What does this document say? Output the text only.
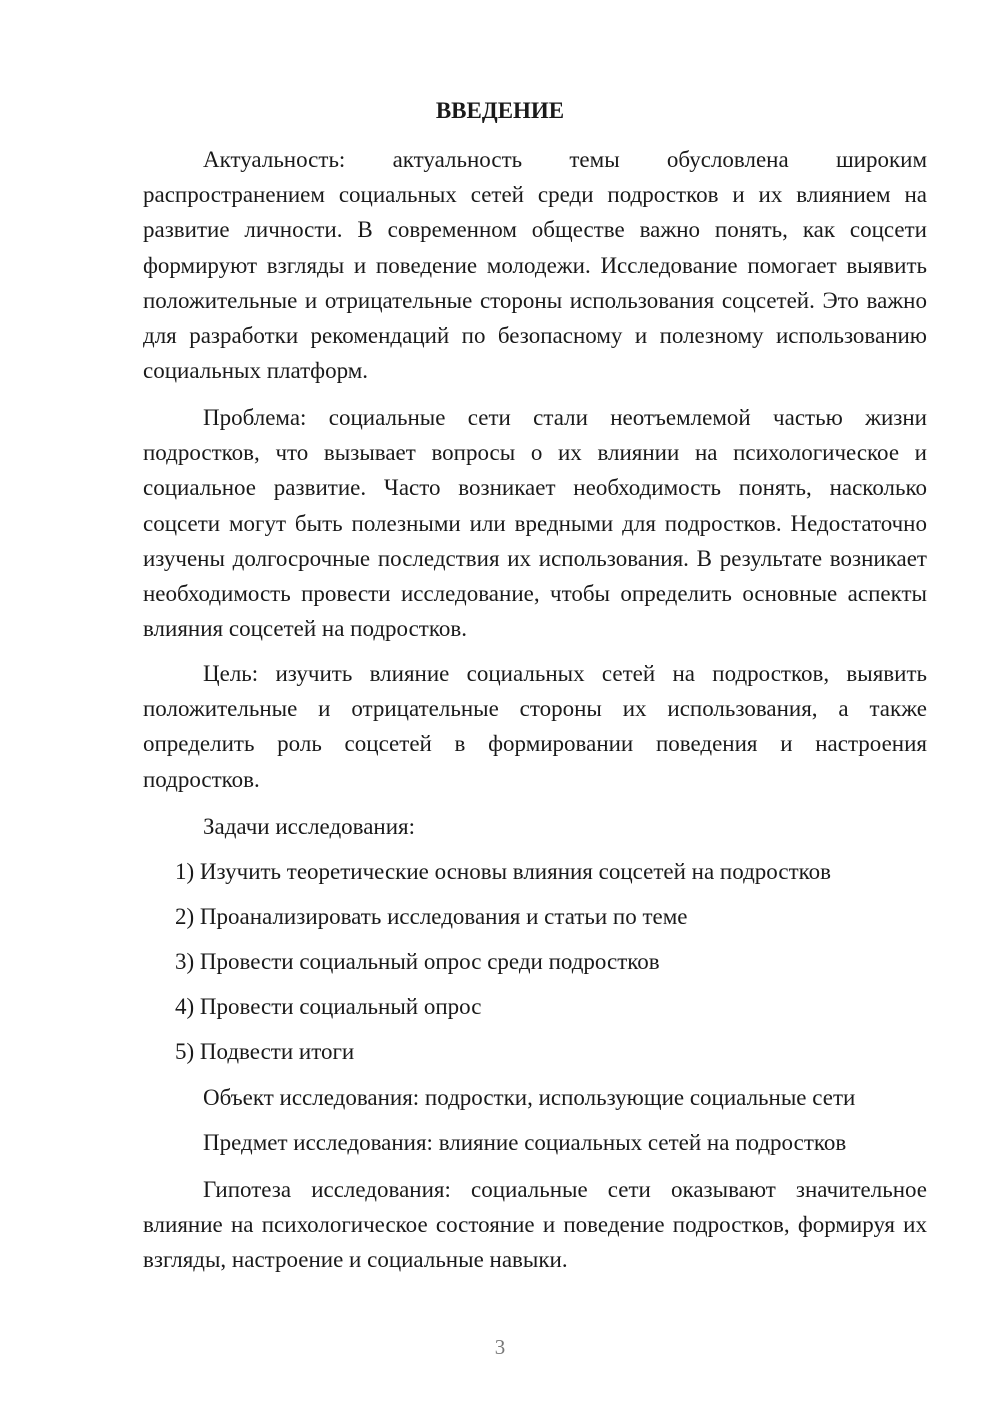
ВВЕДЕНИЕ

Актуальность: актуальность темы обусловлена широким распространением социальных сетей среди подростков и их влиянием на развитие личности. В современном обществе важно понять, как соцсети формируют взгляды и поведение молодежи. Исследование помогает выявить положительные и отрицательные стороны использования соцсетей. Это важно для разработки рекомендаций по безопасному и полезному использованию социальных платформ.

Проблема: социальные сети стали неотъемлемой частью жизни подростков, что вызывает вопросы о их влиянии на психологическое и социальное развитие. Часто возникает необходимость понять, насколько соцсети могут быть полезными или вредными для подростков. Недостаточно изучены долгосрочные последствия их использования. В результате возникает необходимость провести исследование, чтобы определить основные аспекты влияния соцсетей на подростков.

Цель: изучить влияние социальных сетей на подростков, выявить положительные и отрицательные стороны их использования, а также определить роль соцсетей в формировании поведения и настроения подростков.

Задачи исследования:
1) Изучить теоретические основы влияния соцсетей на подростков
2) Проанализировать исследования и статьи по теме
3) Провести социальный опрос среди подростков
4) Провести социальный опрос
5) Подвести итоги
Объект исследования: подростки, использующие социальные сети
Предмет исследования: влияние социальных сетей на подростков

Гипотеза исследования: социальные сети оказывают значительное влияние на психологическое состояние и поведение подростков, формируя их взгляды, настроение и социальные навыки.

3
